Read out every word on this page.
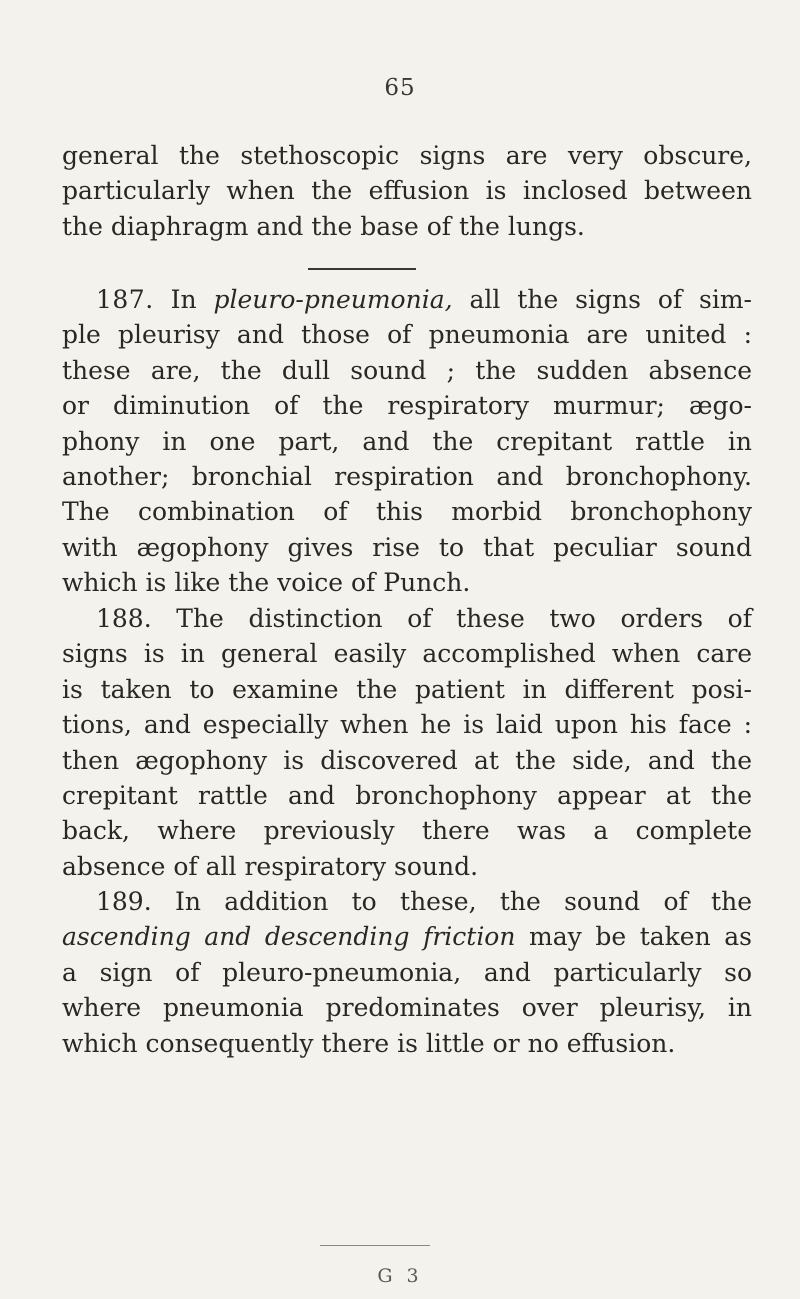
65
general the stethoscopic signs are very obscure,
particularly when the effusion is inclosed between
the diaphragm and the base of the lungs.
187. In pleuro-pneumonia, all the signs of sim-
ple pleurisy and those of pneumonia are united :
these are, the dull sound ; the sudden absence
or diminution of the respiratory murmur; ægo-
phony in one part, and the crepitant rattle in
another; bronchial respiration and bronchophony.
The combination of this morbid bronchophony
with ægophony gives rise to that peculiar sound
which is like the voice of Punch.
188. The distinction of these two orders of
signs is in general easily accomplished when care
is taken to examine the patient in different posi-
tions, and especially when he is laid upon his face :
then ægophony is discovered at the side, and the
crepitant rattle and bronchophony appear at the
back, where previously there was a complete
absence of all respiratory sound.
189. In addition to these, the sound of the
ascending and descending friction may be taken as
a sign of pleuro-pneumonia, and particularly so
where pneumonia predominates over pleurisy, in
which consequently there is little or no effusion.
G 3
